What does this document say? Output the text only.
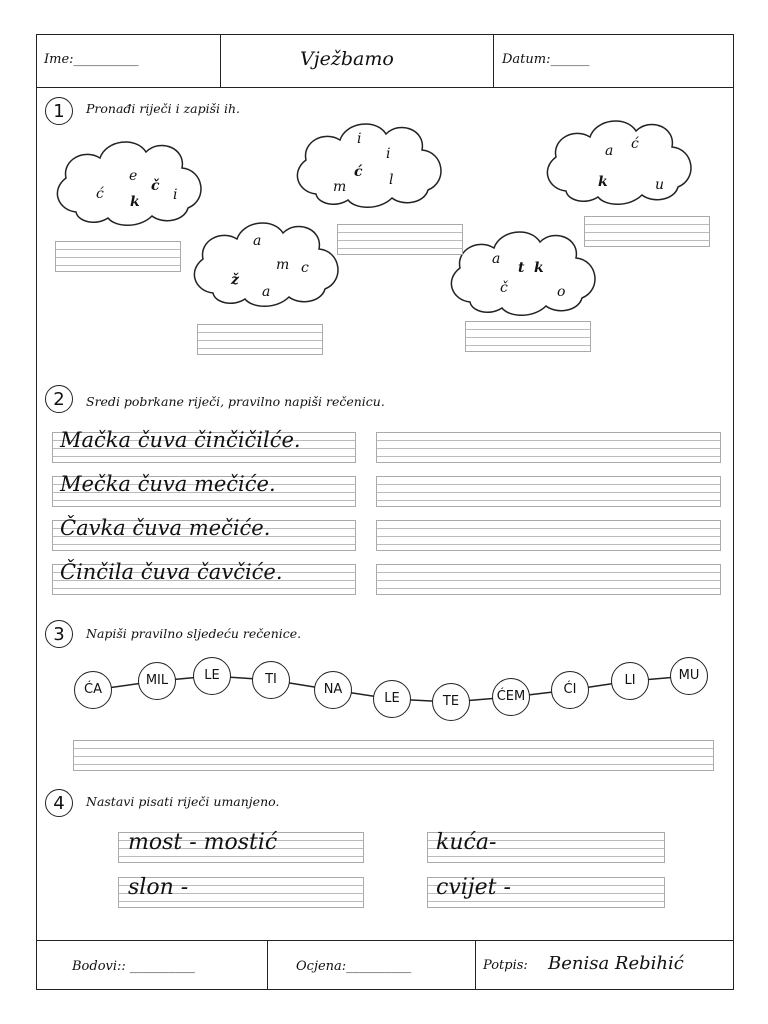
Ime:__________	Vježbamo	Datum:______
1	Pronađi riječi i zapiši ih.
ć
e
k
č
i
a
ž
m c
a
i
i
ć l
m
a
t k
č	o
a ć
k	u
2	Sredi pobrkane riječi, pravilno napiši rečenicu.
Mačka čuva činčičilće.
Mečka čuva mečiće.
Čavka čuva mečiće.
Činčila čuva čavčiće.
3	Napiši pravilno sljedeću rečenice.
ĆA
MIL	LE	TI
NA
LE	TE	ĆEM	ĆI
LI	MU
4	Nastavi pisati riječi umanjeno.
most - mostić	kuća-
slon -	cvijet -
Bodovi:: __________	Ocjena:__________	Potpis: Benisa Rebihić
